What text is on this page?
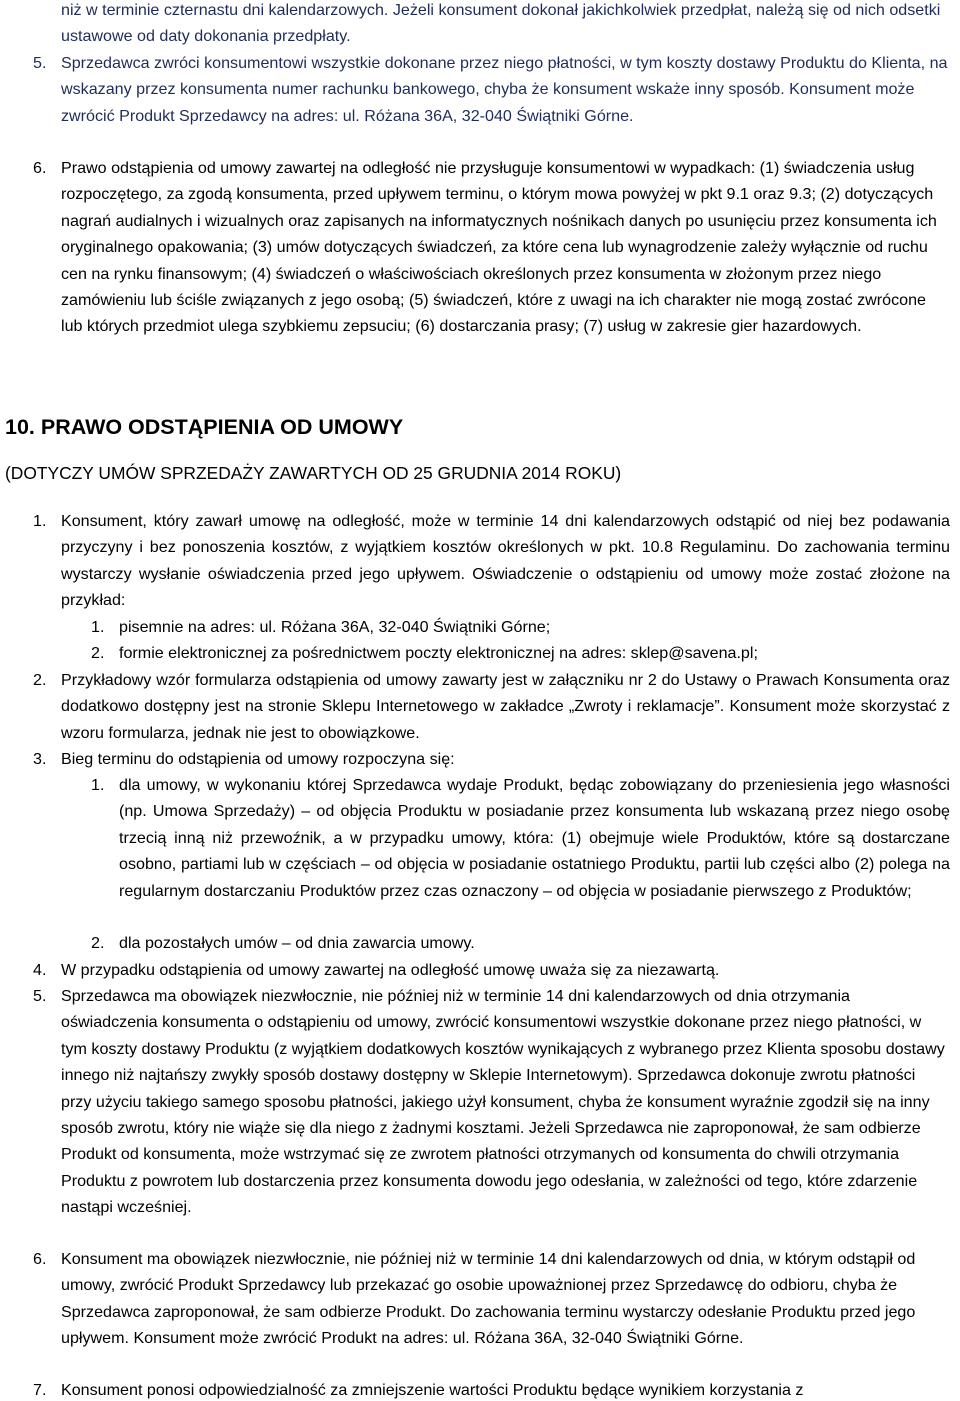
niż w terminie czternastu dni kalendarzowych. Jeżeli konsument dokonał jakichkolwiek przedpłat, należą się od nich odsetki ustawowe od daty dokonania przedpłaty.
5. Sprzedawca zwróci konsumentowi wszystkie dokonane przez niego płatności, w tym koszty dostawy Produktu do Klienta, na wskazany przez konsumenta numer rachunku bankowego, chyba że konsument wskaże inny sposób. Konsument może zwrócić Produkt Sprzedawcy na adres: ul. Różana 36A, 32-040 Świątniki Górne.
6. Prawo odstąpienia od umowy zawartej na odległość nie przysługuje konsumentowi w wypadkach: (1) świadczenia usług rozpoczętego, za zgodą konsumenta, przed upływem terminu, o którym mowa powyżej w pkt 9.1 oraz 9.3; (2) dotyczących nagrań audialnych i wizualnych oraz zapisanych na informatycznych nośnikach danych po usunięciu przez konsumenta ich oryginalnego opakowania; (3) umów dotyczących świadczeń, za które cena lub wynagrodzenie zależy wyłącznie od ruchu cen na rynku finansowym; (4) świadczeń o właściwościach określonych przez konsumenta w złożonym przez niego zamówieniu lub ściśle związanych z jego osobą; (5) świadczeń, które z uwagi na ich charakter nie mogą zostać zwrócone lub których przedmiot ulega szybkiemu zepsuciu; (6) dostarczania prasy; (7) usług w zakresie gier hazardowych.
10. PRAWO ODSTĄPIENIA OD UMOWY
(DOTYCZY UMÓW SPRZEDAŻY ZAWARTYCH OD 25 GRUDNIA 2014 ROKU)
1. Konsument, który zawarł umowę na odległość, może w terminie 14 dni kalendarzowych odstąpić od niej bez podawania przyczyny i bez ponoszenia kosztów, z wyjątkiem kosztów określonych w pkt. 10.8 Regulaminu. Do zachowania terminu wystarczy wysłanie oświadczenia przed jego upływem. Oświadczenie o odstąpieniu od umowy może zostać złożone na przykład:
1. pisemnie na adres: ul. Różana 36A, 32-040 Świątniki Górne;
2. formie elektronicznej za pośrednictwem poczty elektronicznej na adres: sklep@savena.pl;
2. Przykładowy wzór formularza odstąpienia od umowy zawarty jest w załączniku nr 2 do Ustawy o Prawach Konsumenta oraz dodatkowo dostępny jest na stronie Sklepu Internetowego w zakładce „Zwroty i reklamacje”. Konsument może skorzystać z wzoru formularza, jednak nie jest to obowiązkowe.
3. Bieg terminu do odstąpienia od umowy rozpoczyna się:
1. dla umowy, w wykonaniu której Sprzedawca wydaje Produkt, będąc zobowiązany do przeniesienia jego własności (np. Umowa Sprzedaży) – od objęcia Produktu w posiadanie przez konsumenta lub wskazaną przez niego osobę trzecią inną niż przewoźnik, a w przypadku umowy, która: (1) obejmuje wiele Produktów, które są dostarczane osobno, partiami lub w częściach – od objęcia w posiadanie ostatniego Produktu, partii lub części albo (2) polega na regularnym dostarczaniu Produktów przez czas oznaczony – od objęcia w posiadanie pierwszego z Produktów;
2. dla pozostałych umów – od dnia zawarcia umowy.
4. W przypadku odstąpienia od umowy zawartej na odległość umowę uważa się za niezawartą.
5. Sprzedawca ma obowiązek niezwłocznie, nie później niż w terminie 14 dni kalendarzowych od dnia otrzymania oświadczenia konsumenta o odstąpieniu od umowy, zwrócić konsumentowi wszystkie dokonane przez niego płatności, w tym koszty dostawy Produktu (z wyjątkiem dodatkowych kosztów wynikających z wybranego przez Klienta sposobu dostawy innego niż najtańszy zwykły sposób dostawy dostępny w Sklepie Internetowym). Sprzedawca dokonuje zwrotu płatności przy użyciu takiego samego sposobu płatności, jakiego użył konsument, chyba że konsument wyraźnie zgodził się na inny sposób zwrotu, który nie wiąże się dla niego z żadnymi kosztami. Jeżeli Sprzedawca nie zaproponował, że sam odbierze Produkt od konsumenta, może wstrzymać się ze zwrotem płatności otrzymanych od konsumenta do chwili otrzymania Produktu z powrotem lub dostarczenia przez konsumenta dowodu jego odesłania, w zależności od tego, które zdarzenie nastąpi wcześniej.
6. Konsument ma obowiązek niezwłocznie, nie później niż w terminie 14 dni kalendarzowych od dnia, w którym odstąpił od umowy, zwrócić Produkt Sprzedawcy lub przekazać go osobie upoważnionej przez Sprzedawcę do odbioru, chyba że Sprzedawca zaproponował, że sam odbierze Produkt. Do zachowania terminu wystarczy odesłanie Produktu przed jego upływem. Konsument może zwrócić Produkt na adres: ul. Różana 36A, 32-040 Świątniki Górne.
7. Konsument ponosi odpowiedzialność za zmniejszenie wartości Produktu będące wynikiem korzystania z
